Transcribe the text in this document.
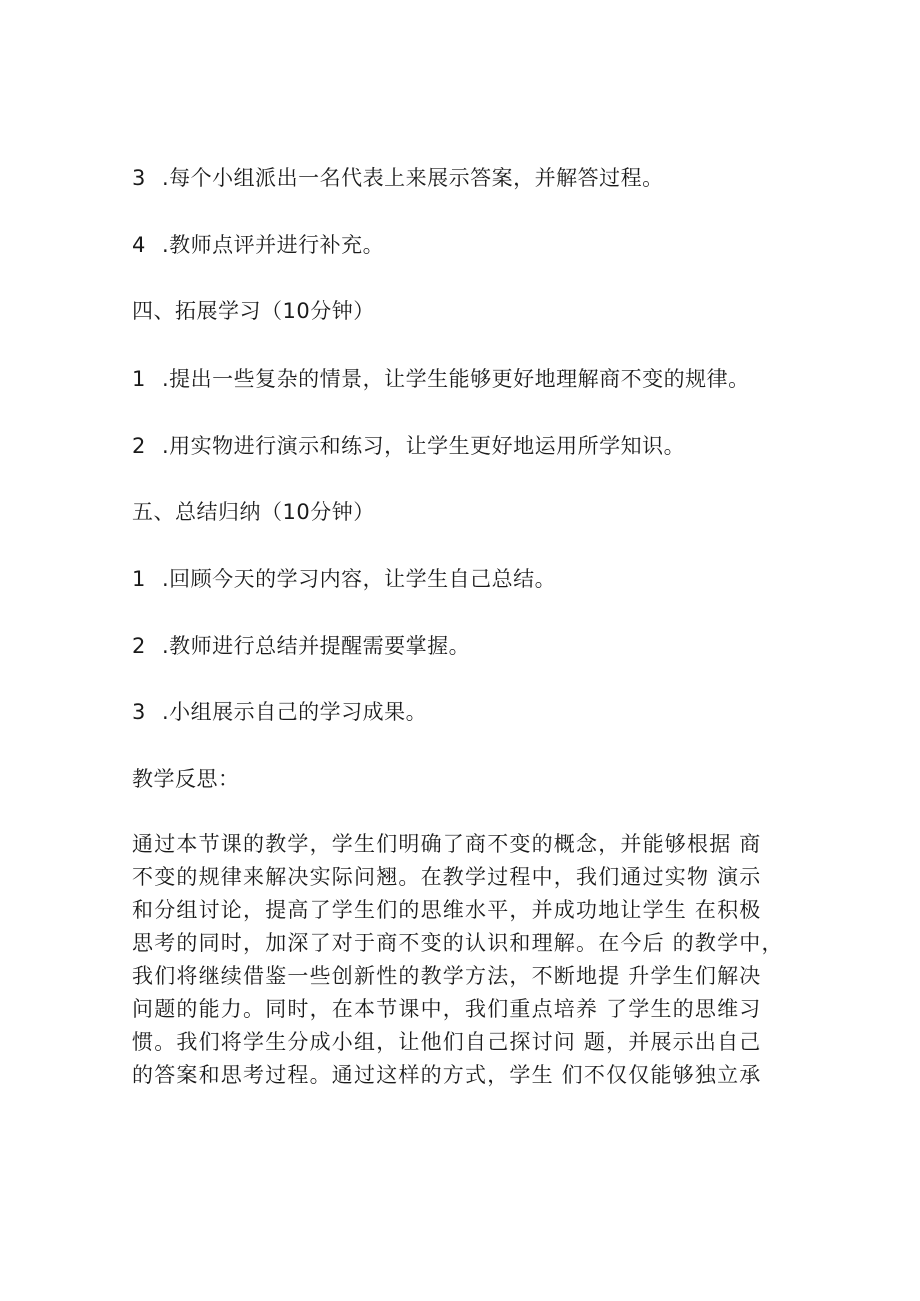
3 .每个小组派出一名代表上来展示答案，并解答过程。
4 .教师点评并进行补充。
四、拓展学习（10分钟）
1 .提出一些复杂的情景，让学生能够更好地理解商不变的规律。
2 .用实物进行演示和练习，让学生更好地运用所学知识。
五、总结归纳（10分钟）
1 .回顾今天的学习内容，让学生自己总结。
2 .教师进行总结并提醒需要掌握。
3 .小组展示自己的学习成果。
教学反思：
通过本节课的教学，学生们明确了商不变的概念，并能够根据 商
不变的规律来解决实际问翘。在教学过程中，我们通过实物 演示
和分组讨论，提高了学生们的思维水平，并成功地让学生 在积极
思考的同时，加深了对于商不变的认识和理解。在今后 的教学中，
我们将继续借鉴一些创新性的教学方法，不断地提 升学生们解决
问题的能力。同时，在本节课中，我们重点培养 了学生的思维习
惯。我们将学生分成小组，让他们自己探讨问 题，并展示出自己
的答案和思考过程。通过这样的方式，学生 们不仅仅能够独立承
